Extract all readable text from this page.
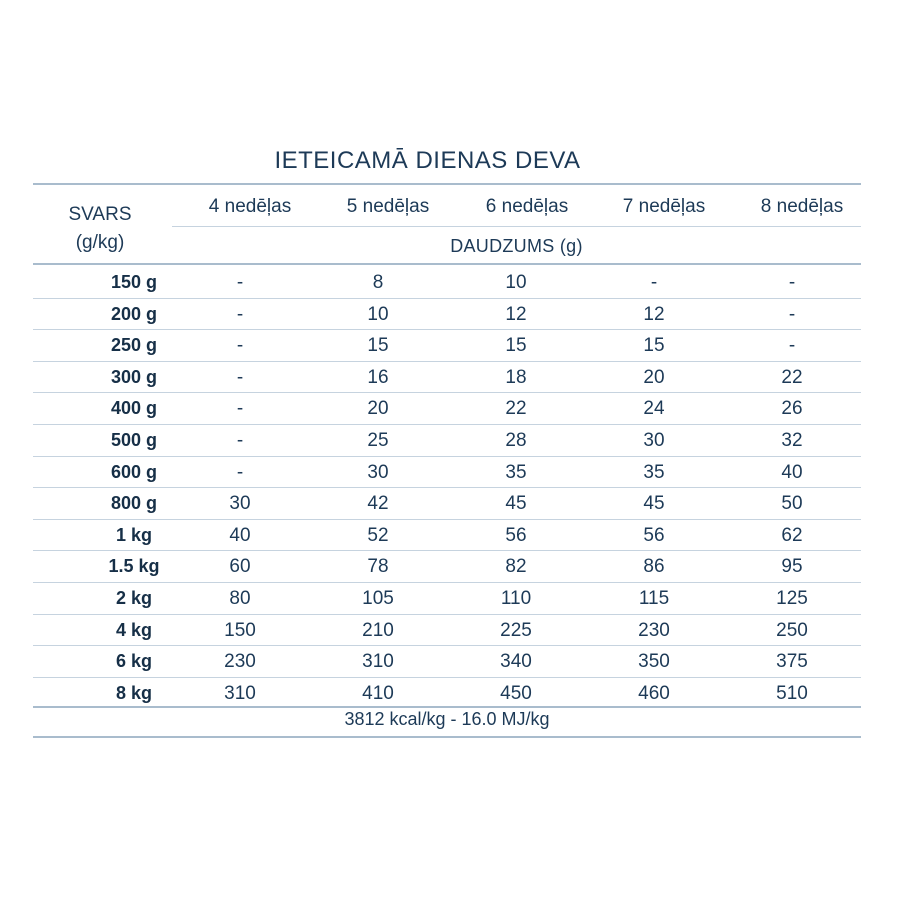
IETEICAMĀ DIENAS DEVA
SVARS
(g/kg)
4 nedēļas	5 nedēļas	6 nedēļas	7 nedēļas	8 nedēļas
DAUDZUMS (g)
150 g	-	8	10	-	-
200 g	-	10	12	12	-
250 g	-	15	15	15	-
300 g	-	16	18	20	22
400 g	-	20	22	24	26
500 g	-	25	28	30	32
600 g	-	30	35	35	40
800 g	30	42	45	45	50
1 kg	40	52	56	56	62
1.5 kg	60	78	82	86	95
2 kg	80	105	110	115	125
4 kg	150	210	225	230	250
6 kg	230	310	340	350	375
8 kg	310	410	450	460	510
3812 kcal/kg - 16.0 MJ/kg
